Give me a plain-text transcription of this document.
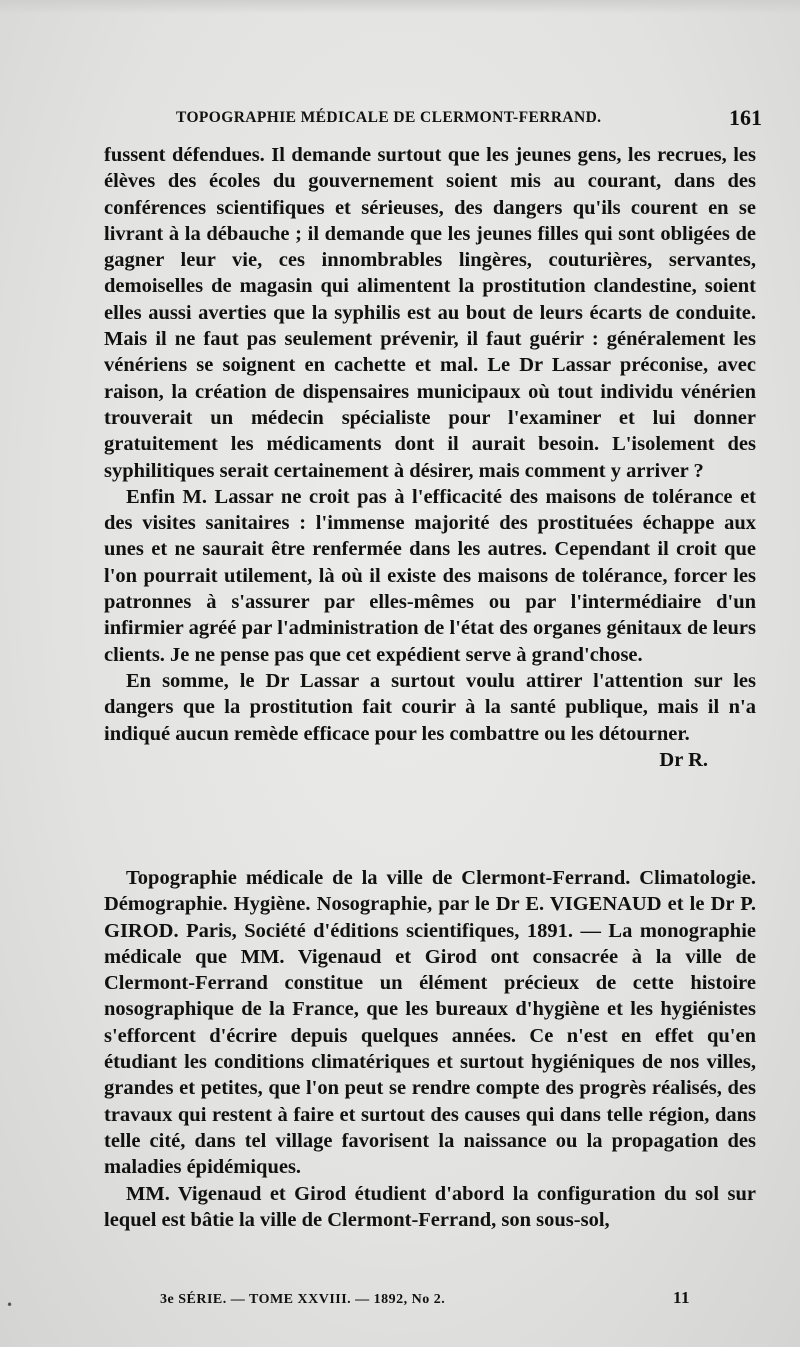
TOPOGRAPHIE MÉDICALE DE CLERMONT-FERRAND.	161

fussent défendues. Il demande surtout que les jeunes gens, les recrues, les élèves des écoles du gouvernement soient mis au courant, dans des conférences scientifiques et sérieuses, des dangers qu'ils courent en se livrant à la débauche ; il demande que les jeunes filles qui sont obligées de gagner leur vie, ces innombrables lingères, couturières, servantes, demoiselles de magasin qui alimentent la prostitution clandestine, soient elles aussi averties que la syphilis est au bout de leurs écarts de conduite. Mais il ne faut pas seulement prévenir, il faut guérir : généralement les vénériens se soignent en cachette et mal. Le Dr Lassar préconise, avec raison, la création de dispensaires municipaux où tout individu vénérien trouverait un médecin spécialiste pour l'examiner et lui donner gratuitement les médicaments dont il aurait besoin. L'isolement des syphilitiques serait certainement à désirer, mais comment y arriver ?

Enfin M. Lassar ne croit pas à l'efficacité des maisons de tolérance et des visites sanitaires : l'immense majorité des prostituées échappe aux unes et ne saurait être renfermée dans les autres. Cependant il croit que l'on pourrait utilement, là où il existe des maisons de tolérance, forcer les patronnes à s'assurer par elles-mêmes ou par l'intermédiaire d'un infirmier agréé par l'administration de l'état des organes génitaux de leurs clients. Je ne pense pas que cet expédient serve à grand'chose.

En somme, le Dr Lassar a surtout voulu attirer l'attention sur les dangers que la prostitution fait courir à la santé publique, mais il n'a indiqué aucun remède efficace pour les combattre ou les détourner.

Dr R.

Topographie médicale de la ville de Clermont-Ferrand. Climatologie. Démographie. Hygiène. Nosographie, par le Dr E. VIGENAUD et le Dr P. GIROD. Paris, Société d'éditions scientifiques, 1891. — La monographie médicale que MM. Vigenaud et Girod ont consacrée à la ville de Clermont-Ferrand constitue un élément précieux de cette histoire nosographique de la France, que les bureaux d'hygiène et les hygiénistes s'efforcent d'écrire depuis quelques années. Ce n'est en effet qu'en étudiant les conditions climatériques et surtout hygiéniques de nos villes, grandes et petites, que l'on peut se rendre compte des progrès réalisés, des travaux qui restent à faire et surtout des causes qui dans telle région, dans telle cité, dans tel village favorisent la naissance ou la propagation des maladies épidémiques.

MM. Vigenaud et Girod étudient d'abord la configuration du sol sur lequel est bâtie la ville de Clermont-Ferrand, son sous-sol,

3e SÉRIE. — TOME XXVIII. — 1892, No 2.	11
•
